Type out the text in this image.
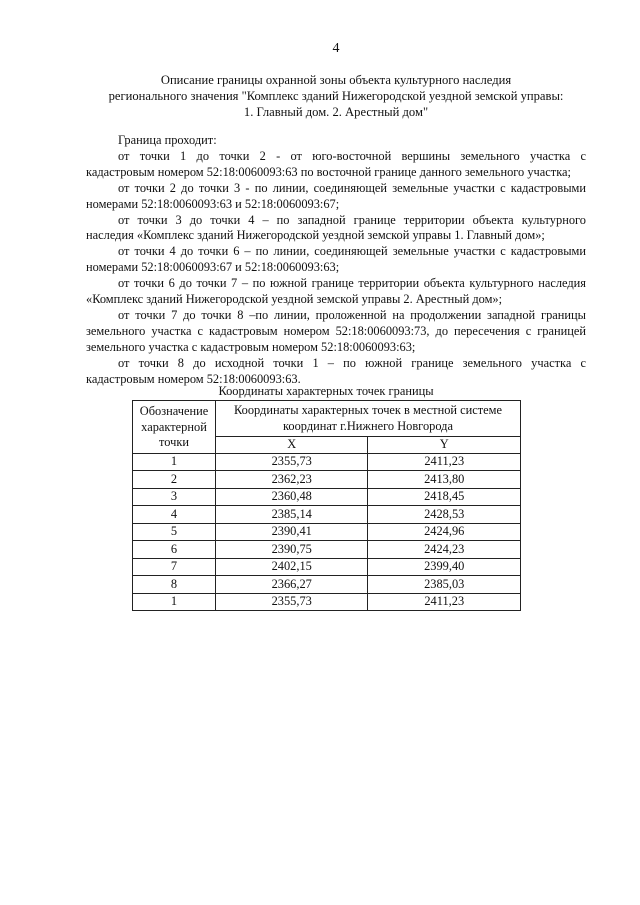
4
Описание границы охранной зоны объекта культурного наследия
регионального значения "Комплекс зданий Нижегородской уездной земской управы:
1. Главный дом. 2. Арестный дом"
Граница проходит:
от точки 1 до точки 2 - от юго-восточной вершины земельного участка с
кадастровым номером 52:18:0060093:63 по восточной границе данного земельного участка;
от точки 2 до точки 3 - по линии, соединяющей земельные участки с кадастровыми
номерами 52:18:0060093:63 и 52:18:0060093:67;
от точки 3 до точки 4 – по западной границе территории объекта культурного
наследия «Комплекс зданий Нижегородской уездной земской управы 1. Главный дом»;
от точки 4 до точки 6 – по линии, соединяющей земельные участки с кадастровыми
номерами 52:18:0060093:67 и 52:18:0060093:63;
от точки 6 до точки 7 – по южной границе территории объекта культурного наследия
«Комплекс зданий Нижегородской уездной земской управы 2. Арестный дом»;
от точки 7 до точки 8 –по линии, проложенной на продолжении западной границы
земельного участка с кадастровым номером 52:18:0060093:73, до пересечения с границей
земельного участка с кадастровым номером 52:18:0060093:63;
от точки 8 до исходной точки 1 – по южной границе земельного участка с
кадастровым номером 52:18:0060093:63.
Координаты характерных точек границы
Обозначение характерной точки	Координаты характерных точек в местной системе координат г.Нижнего Новгорода	
	X	Y
1	2355,73	2411,23
2	2362,23	2413,80
3	2360,48	2418,45
4	2385,14	2428,53
5	2390,41	2424,96
6	2390,75	2424,23
7	2402,15	2399,40
8	2366,27	2385,03
1	2355,73	2411,23
